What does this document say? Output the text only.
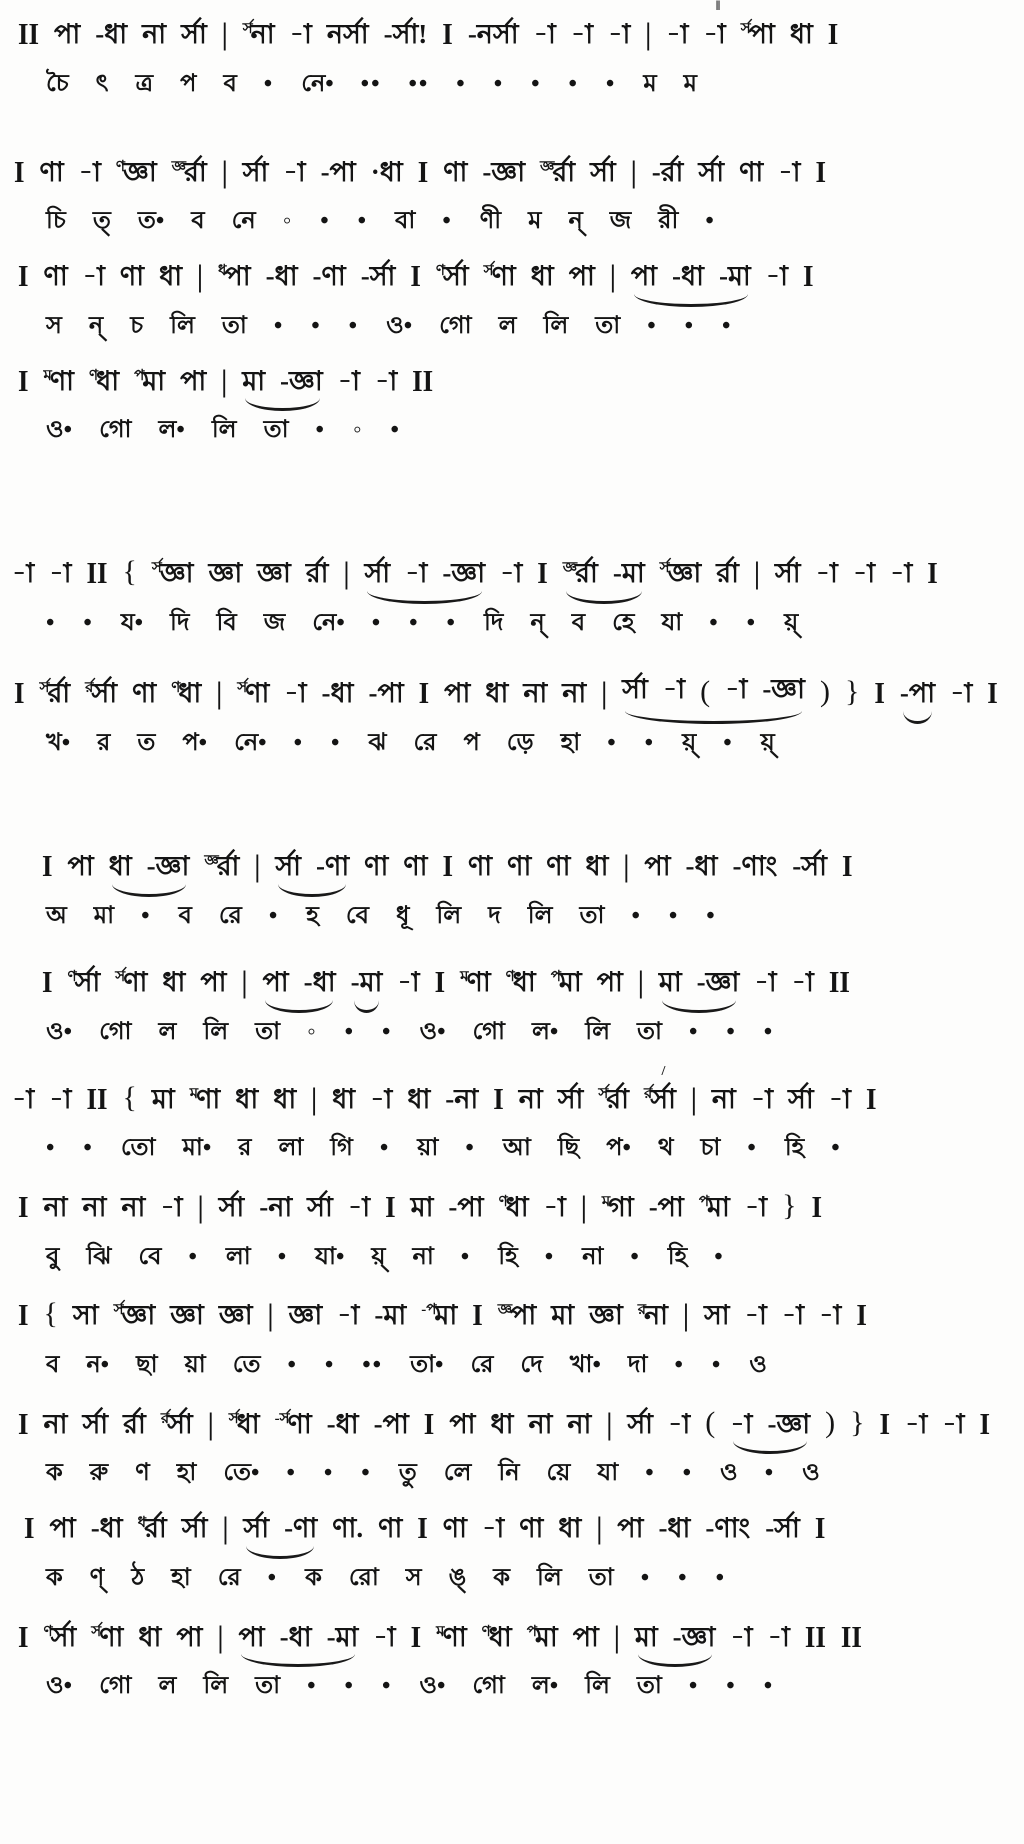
II পা -ধা না র্সা | $^{র্স}$না -া নর্সা -র্সা! I -নর্সা -া -া -া | -া -া
‖
$^{র্স}$পা ধা I
চৈ ৎ ত্র প ব • নে• •• •• • • • • • ম ম
I ণা -া $^ণ$জ্ঞা $^{জ্ঞ}$র্রা | র্সা -া -পা ·ধা I ণা -জ্ঞা $^{জ্ঞ}$র্রা র্সা | -র্রা র্সা ণা -া I
চি ত্ ত• ব নে ◦ • • বা • ণী ম ন্ জ রী •
I ণা -া ণা ধা | $^ধ$পা -ধা -ণা -র্সা I $^ণ$র্সা $^{র্স}$ণা ধা পা | পা -ধা -মা -া I
স ন্ চ লি তা • • • ও• গো ল লি তা • • •
I $^ম$ণা $^ণ$ধা $^প$মা পা | মা -জ্ঞা -া -া II
ও• গো ল• লি তা • ◦ •
-া -া II { $^{র্স}$জ্ঞা জ্ঞা জ্ঞা র্রা | র্সা -া -জ্ঞা -া I $^{জ্ঞ}$র্রা -মা $^{র্স}$জ্ঞা র্রা | র্সা -া -া -া I
• • য• দি বি জ নে• • • • দি ন্ ব হে যা • • য়্
I $^{র্স}$র্রা $^{র্র}$র্সা ণা $^ণ$ধা | $^{র্স}$ণা -া -ধা -পা I পা ধা না না | র্সা -া ( -া -জ্ঞা ) } I -পা -া I
খ• র ত প• নে• • • ঝ রে প ড়ে হা • • য়্ • য়্
I পা ধা -জ্ঞা $^{জ্ঞ}$র্রা | র্সা -ণা ণা ণা I ণা ণা ণা ধা | পা -ধা -ণাং -র্সা I
অ মা • ব রে • হ বে ধূ লি দ লি তা • • •
I $^ণ$র্সা $^{র্স}$ণা ধা পা | পা -ধা -মা -া I $^ম$ণা $^ণ$ধা $^প$মা পা | মা -জ্ঞা -া -া II
ও• গো ল লি তা ◦ • • ও• গো ল• লি তা • • •
-া -া II { মা $^ম$ণা ধা ধা | ধা -া ধা -না I না র্সা $^{র্স}$র্রা $^{র্র}$র্সা
/
| না -া র্সা -া I
• • তো মা• র লা গি • য়া • আ ছি প• থ চা • হি •
I না না না -া | র্সা -না র্সা -া I মা -পা $^ণ$ধা -া | $^ম$গা -পা $^প$মা -া } I
বু ঝি বে • লা • যা• য়্ না • হি • না • হি •
I { সা $^{র্স}$জ্ঞা জ্ঞা জ্ঞা | জ্ঞা -া -মা $^{-প}$মা I $^{জ্ঞ}$পা মা জ্ঞা $^র$না | সা -া -া -া I
ব ন• ছা য়া তে • • •• তা• রে দে খা• দা • • ও
I না র্সা র্রা $^{র্র}$র্সা | $^{র্স}$ধা $^{-র্স}$ণা -ধা -পা I পা ধা না না | র্সা -া ( -া -জ্ঞা ) } I -া -া I
ক রু ণ হা তে• • • • তু লে নি য়ে যা • • ও • ও
I পা -ধা $^ধ$র্রা র্সা | র্সা -ণা ণা. ণা I ণা -া ণা ধা | পা -ধা -ণাং -র্সা I
ক ণ্ ঠ হা রে • ক রো স ঙ্ ক লি তা • • •
I $^ণ$র্সা $^{র্স}$ণা ধা পা | পা -ধা -মা -া I $^ম$ণা $^ণ$ধা $^প$মা পা | মা -জ্ঞা -া -া II II
ও• গো ল লি তা • • • ও• গো ল• লি তা • • •
